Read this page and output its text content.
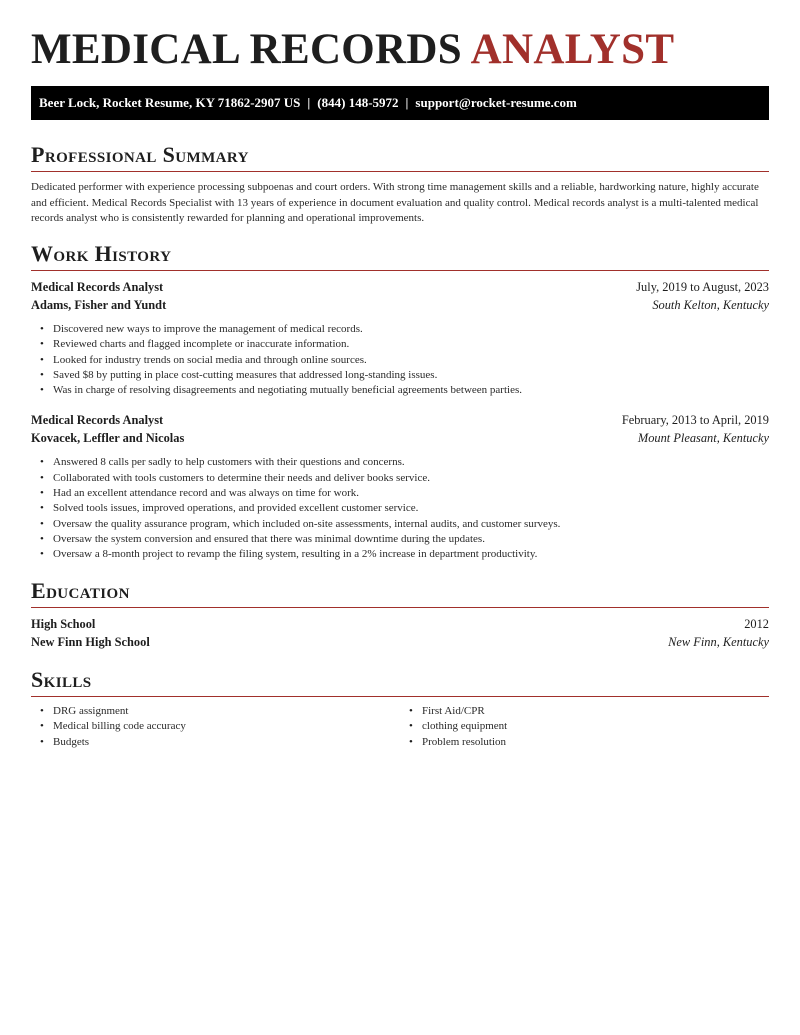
MEDICAL RECORDS ANALYST
Beer Lock, Rocket Resume, KY 71862-2907 US | (844) 148-5972 | support@rocket-resume.com
Professional Summary

Dedicated performer with experience processing subpoenas and court orders. With strong time management skills and a reliable, hardworking nature, highly accurate and efficient. Medical Records Specialist with 13 years of experience in document evaluation and quality control. Medical records analyst is a multi-talented medical records analyst who is consistently rewarded for planning and operational improvements.

Work History
Medical Records Analyst	July, 2019 to August, 2023
Adams, Fisher and Yundt	South Kelton, Kentucky
• Discovered new ways to improve the management of medical records.
• Reviewed charts and flagged incomplete or inaccurate information.
• Looked for industry trends on social media and through online sources.
• Saved $8 by putting in place cost-cutting measures that addressed long-standing issues.
• Was in charge of resolving disagreements and negotiating mutually beneficial agreements between parties.
Medical Records Analyst	February, 2013 to April, 2019
Kovacek, Leffler and Nicolas	Mount Pleasant, Kentucky
• Answered 8 calls per sadly to help customers with their questions and concerns.
• Collaborated with tools customers to determine their needs and deliver books service.
• Had an excellent attendance record and was always on time for work.
• Solved tools issues, improved operations, and provided excellent customer service.
• Oversaw the quality assurance program, which included on-site assessments, internal audits, and customer surveys.
• Oversaw the system conversion and ensured that there was minimal downtime during the updates.
• Oversaw a 8-month project to revamp the filing system, resulting in a 2% increase in department productivity.
Education
High School	2012
New Finn High School	New Finn, Kentucky
Skills
• DRG assignment
• Medical billing code accuracy
• Budgets
• First Aid/CPR
• clothing equipment
• Problem resolution
